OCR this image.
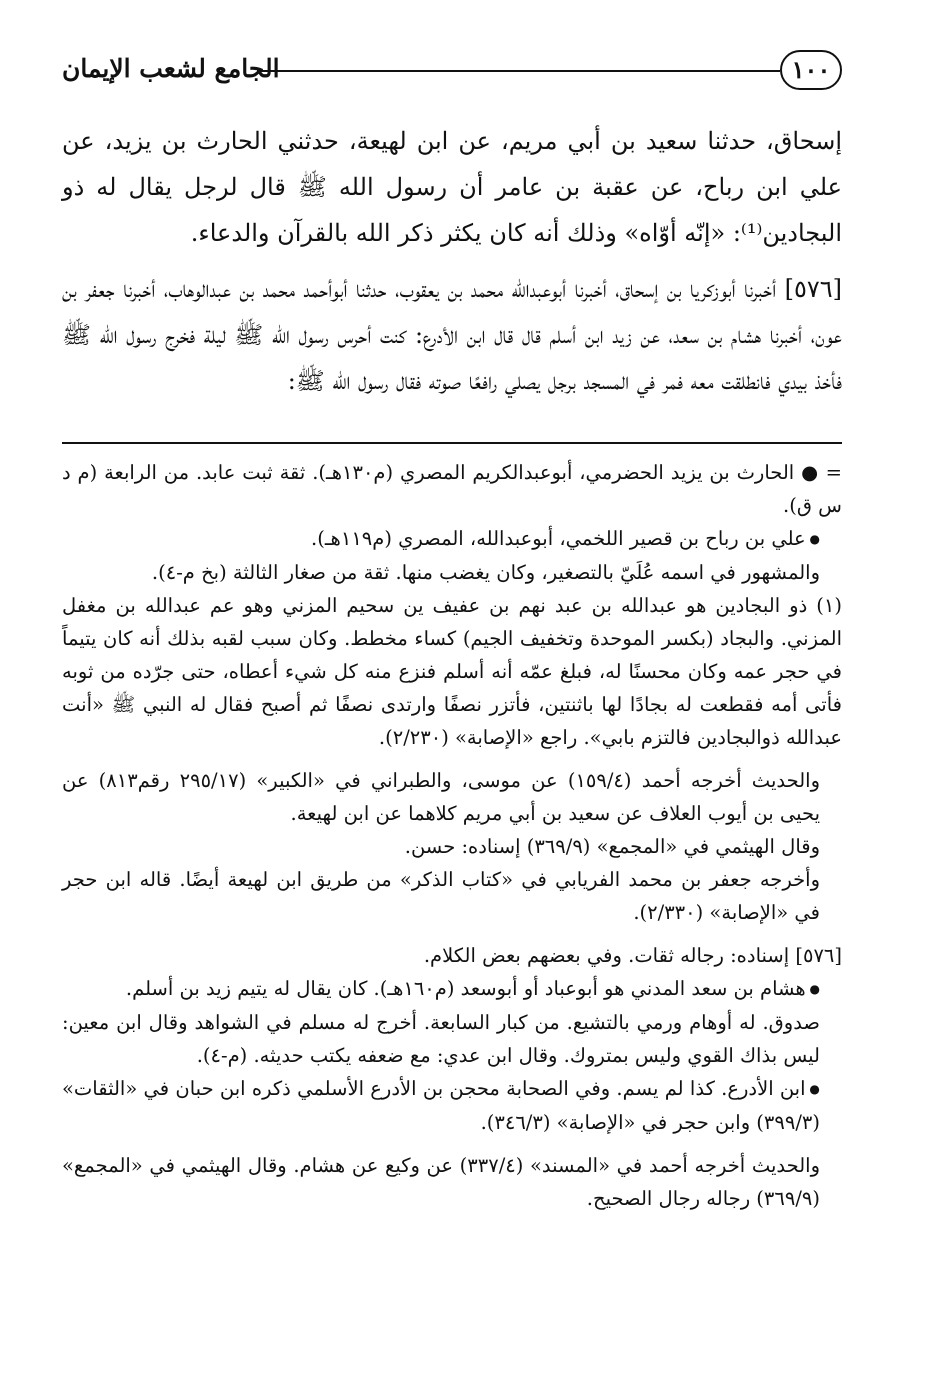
١٠٠
الجامع لشعب الإيمان

إسحاق، حدثنا سعيد بن أبي مريم، عن ابن لهيعة، حدثني الحارث بن يزيد، عن علي ابن رباح، عن عقبة بن عامر أن رسول الله ﷺ قال لرجل يقال له ذو البجادين⁽¹⁾: «إنّه أوّاه» وذلك أنه كان يكثر ذكر الله بالقرآن والدعاء.

[٥٧٦] أخبرنا أبوزكريا بن إسحاق، أخبرنا أبوعبدالله محمد بن يعقوب، حدثنا أبوأحمد محمد بن عبدالوهاب، أخبرنا جعفر بن عون، أخبرنا هشام بن سعد، عن زيد ابن أسلم قال قال ابن الأدرع: كنت أحرس رسول الله ﷺ ليلة فخرج رسول الله ﷺ فأخذ بيدي فانطلقت معه فمر في المسجد برجل يصلي رافعًا صوته فقال رسول الله ﷺ:

= ● الحارث بن يزيد الحضرمي، أبوعبدالكريم المصري (م١٣٠هـ). ثقة ثبت عابد. من الرابعة (م د س ق).

● علي بن رباح بن قصير اللخمي، أبوعبدالله، المصري (م١١٩هـ).

والمشهور في اسمه عُلَيّ بالتصغير، وكان يغضب منها. ثقة من صغار الثالثة (بخ م-٤).

(١) ذو البجادين هو عبدالله بن عبد نهم بن عفيف ين سحيم المزني وهو عم عبدالله بن مغفل المزني. والبجاد (بكسر الموحدة وتخفيف الجيم) كساء مخطط. وكان سبب لقبه بذلك أنه كان يتيماً في حجر عمه وكان محسنًا له، فبلغ عمّه أنه أسلم فنزع منه كل شيء أعطاه، حتى جرّده من ثوبه فأتى أمه فقطعت له بجادًا لها باثنتين، فأتزر نصفًا وارتدى نصفًا ثم أصبح فقال له النبي ﷺ «أنت عبدالله ذوالبجادين فالتزم بابي». راجع «الإصابة» (٢/٢٣٠).

والحديث أخرجه أحمد (١٥٩/٤) عن موسى، والطبراني في «الكبير» (٢٩٥/١٧ رقم٨١٣) عن يحيى بن أيوب العلاف عن سعيد بن أبي مريم كلاهما عن ابن لهيعة.

وقال الهيثمي في «المجمع» (٣٦٩/٩) إسناده: حسن.

وأخرجه جعفر بن محمد الفريابي في «كتاب الذكر» من طريق ابن لهيعة أيضًا. قاله ابن حجر في «الإصابة» (٢/٣٣٠).

[٥٧٦] إسناده: رجاله ثقات. وفي بعضهم بعض الكلام.

● هشام بن سعد المدني هو أبوعباد أو أبوسعد (م١٦٠هـ). كان يقال له يتيم زيد بن أسلم.

صدوق. له أوهام ورمي بالتشيع. من كبار السابعة. أخرج له مسلم في الشواهد وقال ابن معين: ليس بذاك القوي وليس بمتروك. وقال ابن عدي: مع ضعفه يكتب حديثه. (م-٤).

● ابن الأدرع. كذا لم يسم. وفي الصحابة محجن بن الأدرع الأسلمي ذكره ابن حبان في «الثقات» (٣٩٩/٣) وابن حجر في «الإصابة» (٣٤٦/٣).

والحديث أخرجه أحمد في «المسند» (٣٣٧/٤) عن وكيع عن هشام. وقال الهيثمي في «المجمع» (٣٦٩/٩) رجاله رجال الصحيح.
